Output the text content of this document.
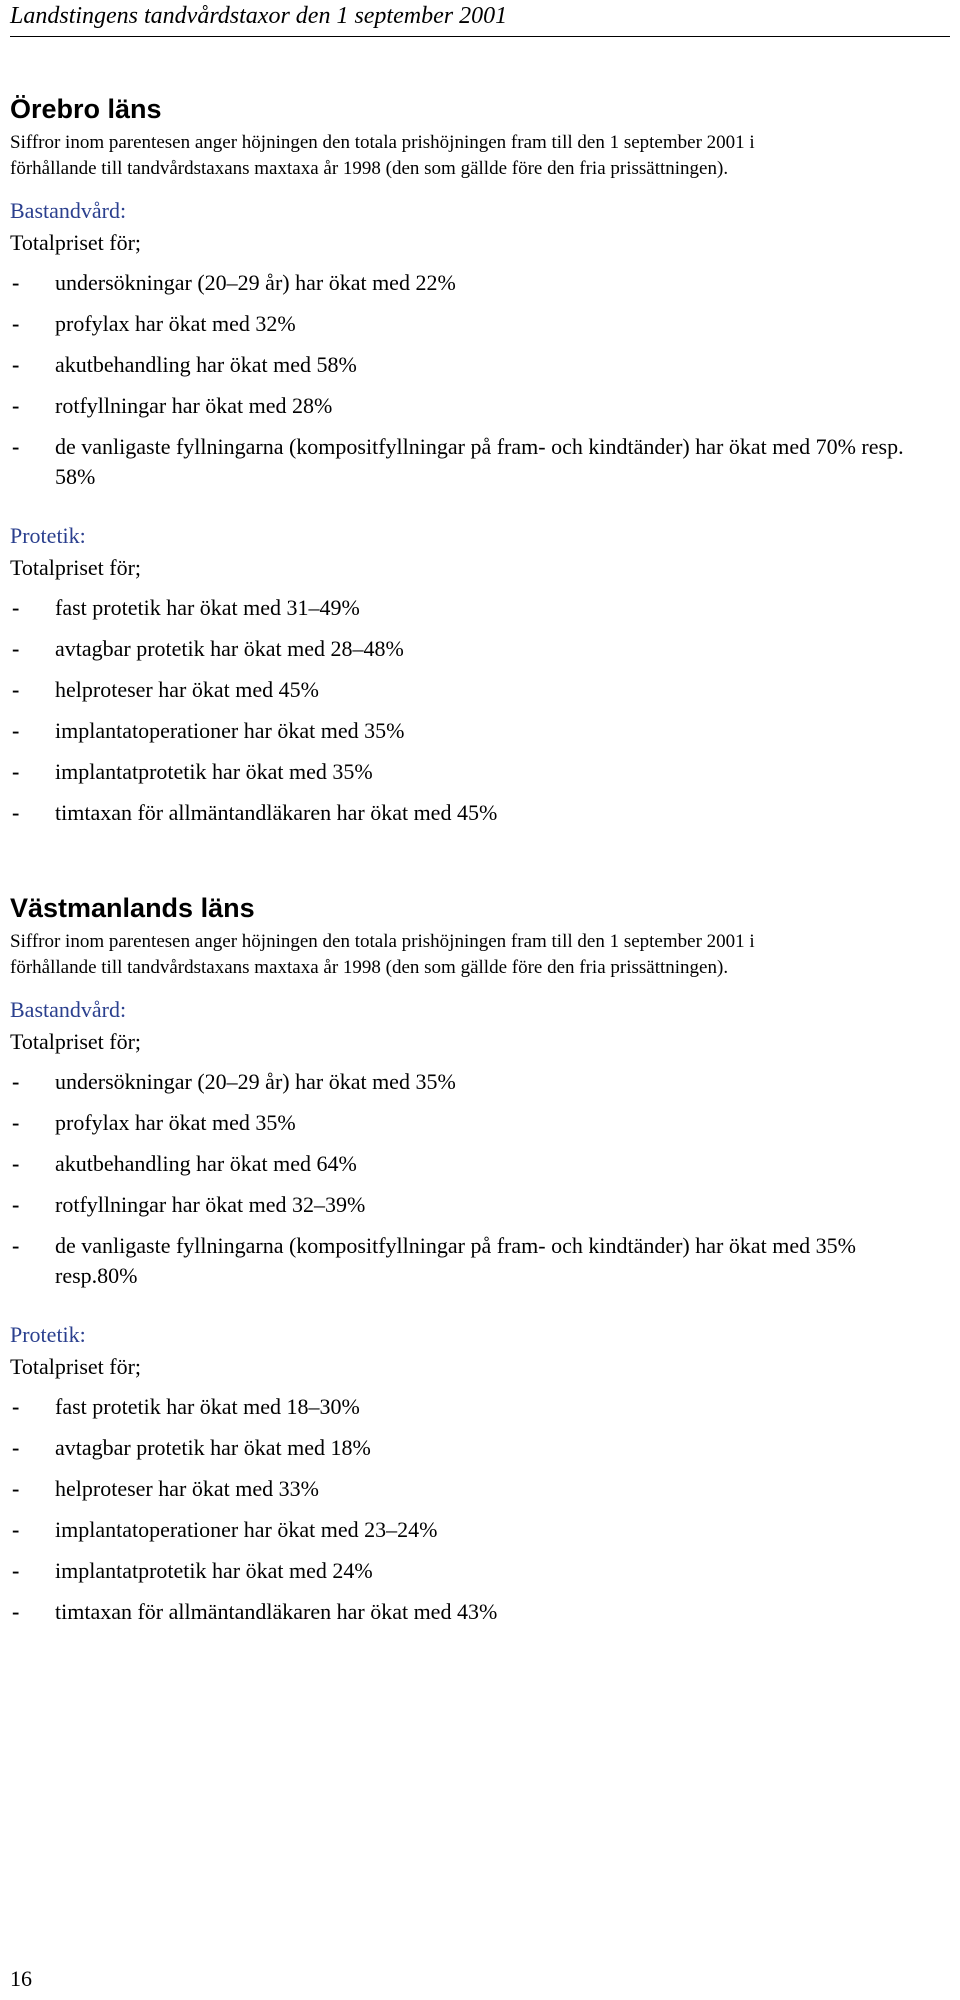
Landstingens tandvårdstaxor den 1 september 2001
Örebro läns

Siffror inom parentesen anger höjningen den totala prishöjningen fram till den 1 september 2001 i
förhållande till tandvårdstaxans maxtaxa år 1998 (den som gällde före den fria prissättningen).

Bastandvård:

Totalpriset för;

- undersökningar (20–29 år) har ökat med 22%
- profylax har ökat med 32%
- akutbehandling har ökat med 58%
- rotfyllningar har ökat med 28%
- de vanligaste fyllningarna (kompositfyllningar på fram- och kindtänder) har ökat med 70% resp. 58%

Protetik:

Totalpriset för;

- fast protetik har ökat med 31–49%
- avtagbar protetik har ökat med 28–48%
- helproteser har ökat med 45%
- implantatoperationer har ökat med 35%
- implantatprotetik har ökat med 35%
- timtaxan för allmäntandläkaren har ökat med 45%
Västmanlands läns

Siffror inom parentesen anger höjningen den totala prishöjningen fram till den 1 september 2001 i
förhållande till tandvårdstaxans maxtaxa år 1998 (den som gällde före den fria prissättningen).

Bastandvård:

Totalpriset för;

- undersökningar (20–29 år) har ökat med 35%
- profylax har ökat med 35%
- akutbehandling har ökat med 64%
- rotfyllningar har ökat med 32–39%
- de vanligaste fyllningarna (kompositfyllningar på fram- och kindtänder) har ökat med 35% resp.80%

Protetik:

Totalpriset för;

- fast protetik har ökat med 18–30%
- avtagbar protetik har ökat med 18%
- helproteser har ökat med 33%
- implantatoperationer har ökat med 23–24%
- implantatprotetik har ökat med 24%
- timtaxan för allmäntandläkaren har ökat med 43%
16
